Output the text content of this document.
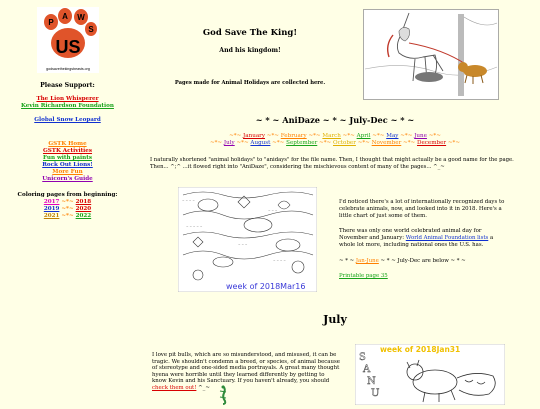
P
A W
S
US
godsavethekingsbeasts.org
Please Support:
The Lion Whisperer
Kevin Richardson Foundation
Global Snow Leopard
GSTK Home
GSTK Activities
Fun with paints
Rock Out Lions!
More Fun
Unicorn's Guide
Coloring pages from beginning:
2017 ~*~ 2018
2019 ~*~ 2020
2021 ~*~ 2022
God Save The King!
And his kingdom!
Pages made for Animal Holidays are collected here.
~ * ~ AniDaze ~ * ~ July-Dec ~ * ~
~*~ January ~*~ February ~*~ March ~*~ April ~*~ May ~*~ June ~*~
~*~ July ~*~ August ~*~ September ~*~ October ~*~ November ~*~ December ~*~
I naturally shortened "animal holidays" to "anidays" for the file name. Then, I thought that might actually be a good name for the page. Then... ^;^ ...it flowed right into "AniDaze", considering the mischievous content of many of the pages... ^_~
~ ~ ~ ~
~ ~ ~
~ ~ ~ ~ ~
~ ~ ~
~ ~ ~ ~
week of 2018Mar16
I'd noticed there's a lot of internationally recognized days to celebrate animals, now, and looked into it in 2018. Here's a little chart of just some of them.
There was only one world celebrated animal day for November and January: World Animal Foundation lists a whole lot more, including national ones the U.S. has.
~ * ~ Jan-June ~ * ~ July-Dec are below ~ * ~
Printable page 35
July
I love pit bulls, which are so misunderstood, and misused, it can be tragic. We shouldn't condemn a breed, or species, of animal because of stereotype and one-sided media portrayals. A great many thought hyena were horrible until they learned differently by getting to know Kevin and his Sanctuary. If you haven't already, you should check them out! ^_~
S
A
N
U
week of 2018Jan31
